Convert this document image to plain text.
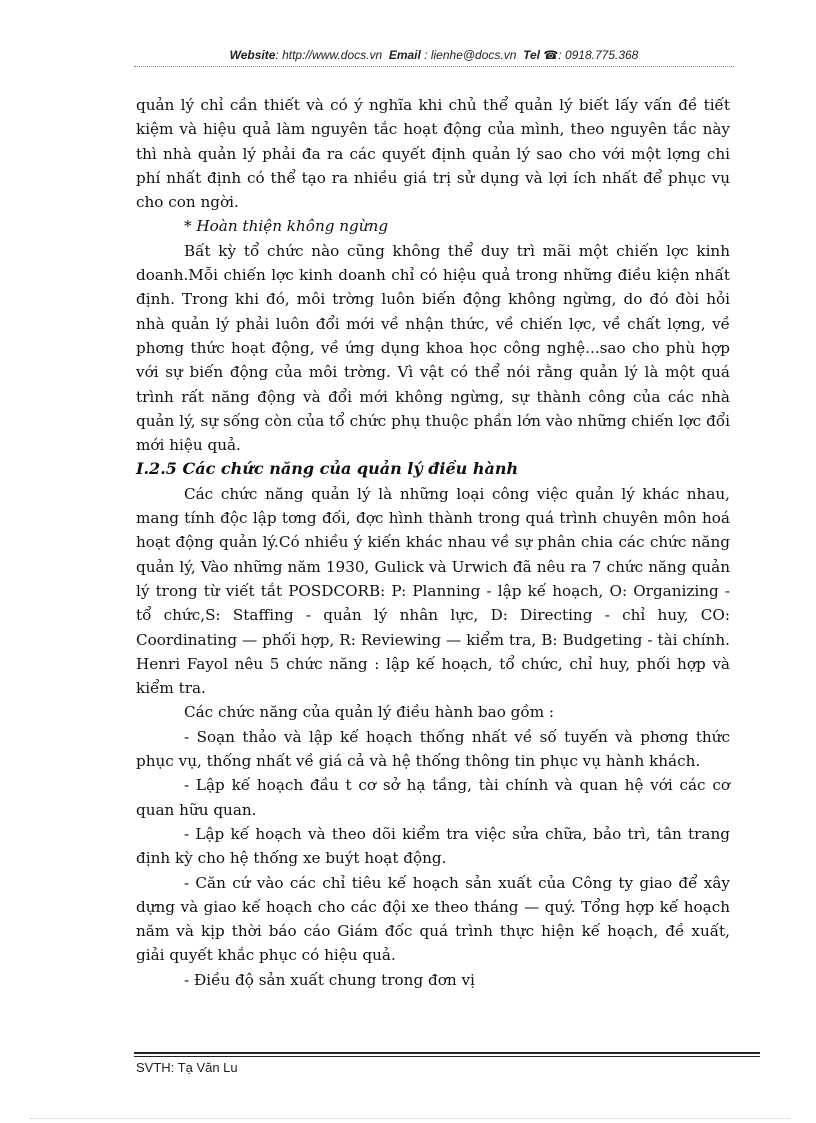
Website: http://www.docs.vn Email : lienhe@docs.vn Tel ☎: 0918.775.368

quản lý chỉ cần thiết và có ý nghĩa khi chủ thể quản lý biết lấy vấn đề tiết kiệm và hiệu quả làm nguyên tắc hoạt động của mình, theo nguyên tắc này thì nhà quản lý phải đa ra các quyết định quản lý sao cho với một lợng chi phí nhất định có thể tạo ra nhiều giá trị sử dụng và lợi ích nhất để phục vụ cho con ngời.

* Hoàn thiện không ngừng

Bất kỳ tổ chức nào cũng không thể duy trì mãi một chiến lợc kinh doanh.Mỗi chiến lợc kinh doanh chỉ có hiệu quả trong những điều kiện nhất định. Trong khi đó, môi trờng luôn biến động không ngừng, do đó đòi hỏi nhà quản lý phải luôn đổi mới về nhận thức, về chiến lợc, về chất lợng, về phơng thức hoạt động, về ứng dụng khoa học công nghệ...sao cho phù hợp với sự biến động của môi trờng. Vì vật có thể nói rằng quản lý là một quá trình rất năng động và đổi mới không ngừng, sự thành công của các nhà quản lý, sự sống còn của tổ chức phụ thuộc phần lớn vào những chiến lợc đổi mới hiệu quả.

I.2.5 Các chức năng của quản lý điều hành

Các chức năng quản lý là những loại công việc quản lý khác nhau, mang tính độc lập tơng đối, đợc hình thành trong quá trình chuyên môn hoá hoạt động quản lý.Có nhiều ý kiến khác nhau về sự phân chia các chức năng quản lý, Vào những năm 1930, Gulick và Urwich đã nêu ra 7 chức năng quản lý trong từ viết tắt POSDCORB: P: Planning - lập kế hoạch, O: Organizing - tổ chức,S: Staffing - quản lý nhân lực, D: Directing - chỉ huy, CO: Coordinating — phối hợp, R: Reviewing — kiểm tra, B: Budgeting - tài chính. Henri Fayol nêu 5 chức năng : lập kế hoạch, tổ chức, chỉ huy, phối hợp và kiểm tra.

Các chức năng của quản lý điều hành bao gồm :

- Soạn thảo và lập kế hoạch thống nhất về số tuyến và phơng thức phục vụ, thống nhất về giá cả và hệ thống thông tin phục vụ hành khách.

- Lập kế hoạch đầu t cơ sở hạ tầng, tài chính và quan hệ với các cơ quan hữu quan.

- Lập kế hoạch và theo dõi kiểm tra việc sửa chữa, bảo trì, tân trang định kỳ cho hệ thống xe buýt hoạt động.

- Căn cứ vào các chỉ tiêu kế hoạch sản xuất của Công ty giao để xây dựng và giao kế hoạch cho các đội xe theo tháng — quý. Tổng hợp kế hoạch năm và kịp thời báo cáo Giám đốc quá trình thực hiện kế hoạch, đề xuất, giải quyết khắc phục có hiệu quả.

- Điều độ sản xuất chung trong đơn vị

SVTH: Tạ Văn Lu
